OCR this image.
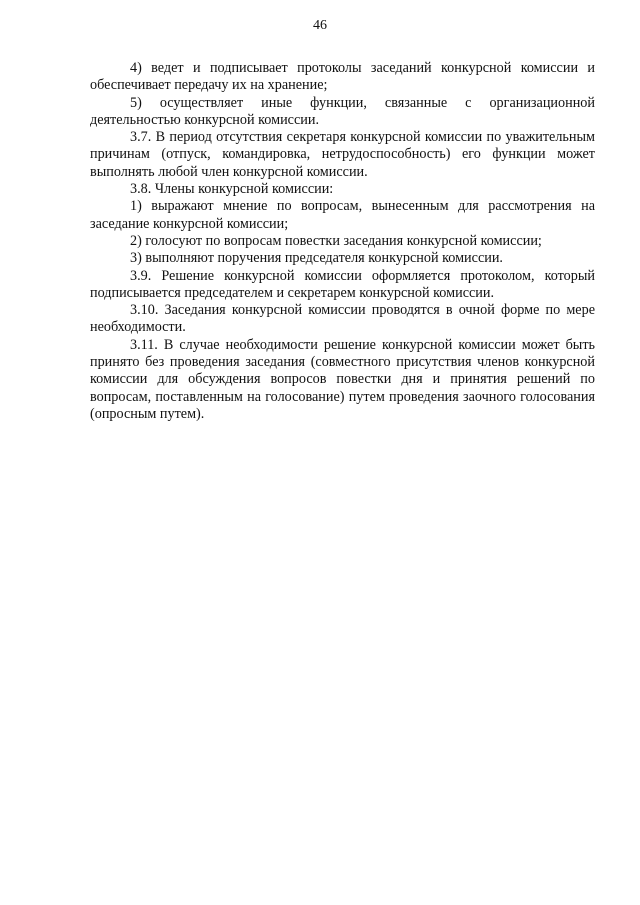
46

4) ведет и подписывает протоколы заседаний конкурсной комиссии и обеспечивает передачу их на хранение;

5) осуществляет иные функции, связанные с организационной деятельностью конкурсной комиссии.

3.7. В период отсутствия секретаря конкурсной комиссии по уважительным причинам (отпуск, командировка, нетрудоспособность) его функции может выполнять любой член конкурсной комиссии.

3.8. Члены конкурсной комиссии:

1) выражают мнение по вопросам, вынесенным для рассмотрения на заседание конкурсной комиссии;

2) голосуют по вопросам повестки заседания конкурсной комиссии;

3) выполняют поручения председателя конкурсной комиссии.

3.9. Решение конкурсной комиссии оформляется протоколом, который подписывается председателем и секретарем конкурсной комиссии.

3.10. Заседания конкурсной комиссии проводятся в очной форме по мере необходимости.

3.11. В случае необходимости решение конкурсной комиссии может быть принято без проведения заседания (совместного присутствия членов конкурсной комиссии для обсуждения вопросов повестки дня и принятия решений по вопросам, поставленным на голосование) путем проведения заочного голосования (опросным путем).
